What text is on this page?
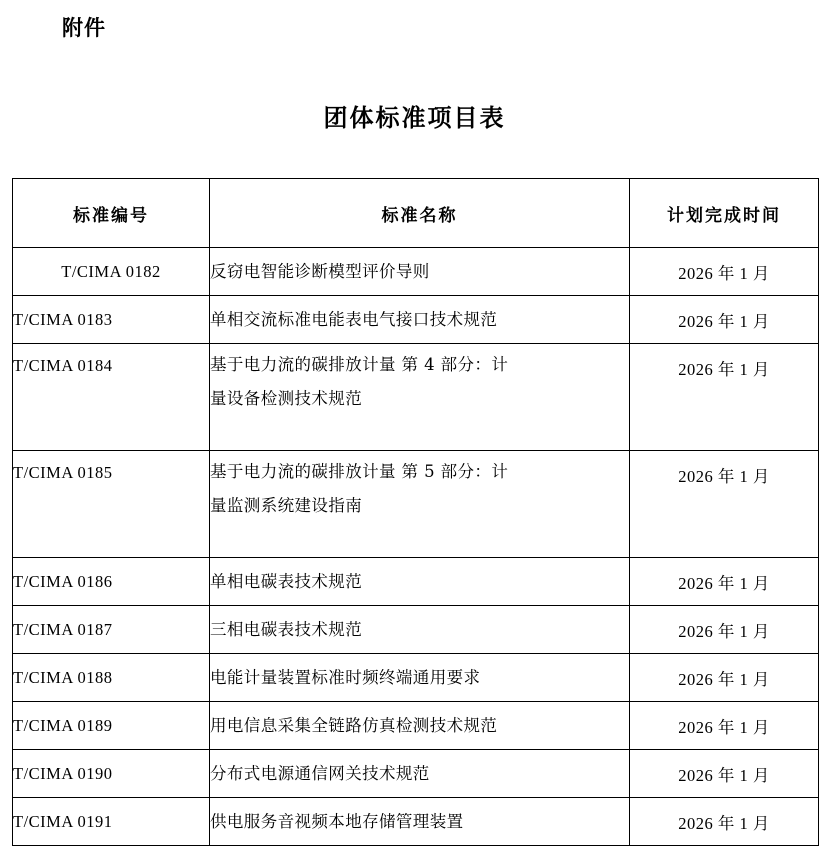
附件
团体标准项目表
标准编号	标准名称	计划完成时间
T/CIMA 0182	反窃电智能诊断模型评价导则	2026 年 1 月
T/CIMA 0183	单相交流标准电能表电气接口技术规范	2026 年 1 月
T/CIMA 0184	基于电力流的碳排放计量 第 4 部分：计
量设备检测技术规范	2026 年 1 月
T/CIMA 0185	基于电力流的碳排放计量 第 5 部分：计
量监测系统建设指南	2026 年 1 月
T/CIMA 0186	单相电碳表技术规范	2026 年 1 月
T/CIMA 0187	三相电碳表技术规范	2026 年 1 月
T/CIMA 0188	电能计量装置标准时频终端通用要求	2026 年 1 月
T/CIMA 0189	用电信息采集全链路仿真检测技术规范	2026 年 1 月
T/CIMA 0190	分布式电源通信网关技术规范	2026 年 1 月
T/CIMA 0191	供电服务音视频本地存储管理装置	2026 年 1 月
